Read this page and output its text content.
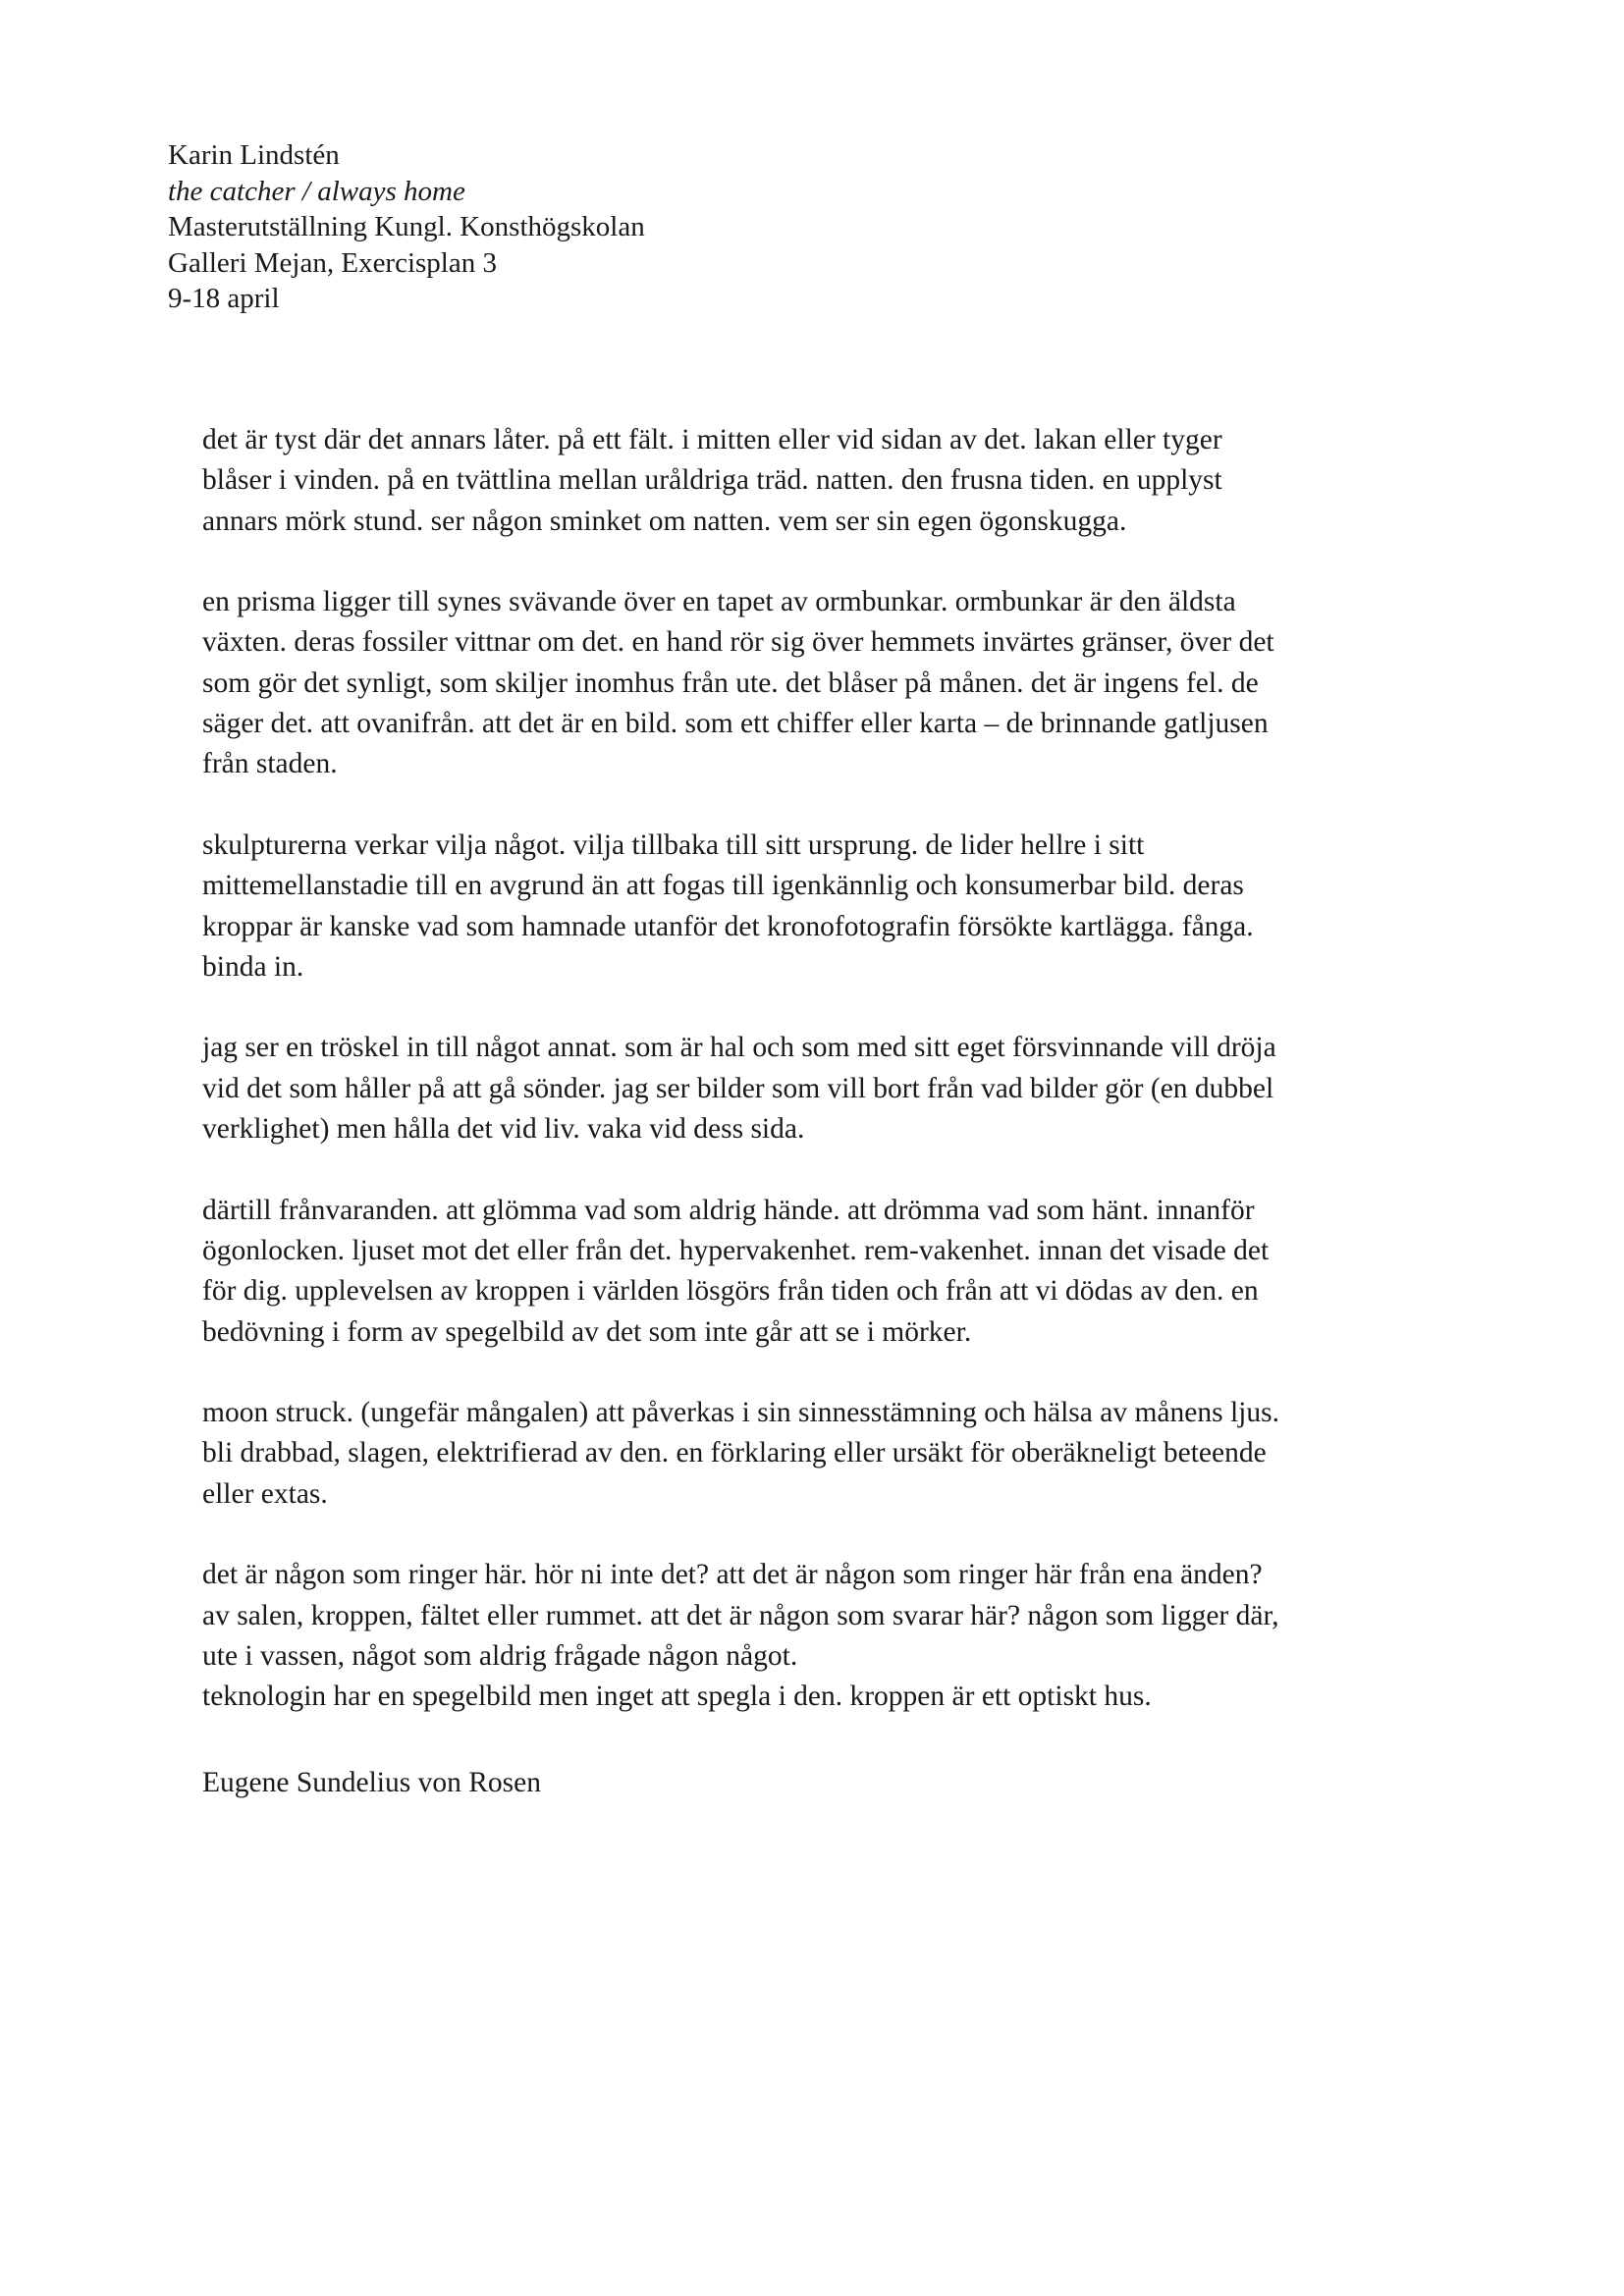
Karin Lindstén
the catcher / always home
Masterutställning Kungl. Konsthögskolan
Galleri Mejan, Exercisplan 3
9-18 april
det är tyst där det annars låter. på ett fält. i mitten eller vid sidan av det. lakan eller tyger
blåser i vinden. på en tvättlina mellan uråldriga träd. natten. den frusna tiden. en upplyst
annars mörk stund. ser någon sminket om natten. vem ser sin egen ögonskugga.
en prisma ligger till synes svävande över en tapet av ormbunkar. ormbunkar är den äldsta
växten. deras fossiler vittnar om det. en hand rör sig över hemmets invärtes gränser, över det
som gör det synligt, som skiljer inomhus från ute. det blåser på månen. det är ingens fel. de
säger det. att ovanifrån. att det är en bild. som ett chiffer eller karta – de brinnande gatljusen
från staden.
skulpturerna verkar vilja något. vilja tillbaka till sitt ursprung. de lider hellre i sitt
mittemellanstadie till en avgrund än att fogas till igenkännlig och konsumerbar bild. deras
kroppar är kanske vad som hamnade utanför det kronofotografin försökte kartlägga. fånga.
binda in.
jag ser en tröskel in till något annat. som är hal och som med sitt eget försvinnande vill dröja
vid det som håller på att gå sönder. jag ser bilder som vill bort från vad bilder gör (en dubbel
verklighet) men hålla det vid liv. vaka vid dess sida.
därtill frånvaranden. att glömma vad som aldrig hände. att drömma vad som hänt. innanför
ögonlocken. ljuset mot det eller från det. hypervakenhet. rem-vakenhet. innan det visade det
för dig. upplevelsen av kroppen i världen lösgörs från tiden och från att vi dödas av den. en
bedövning i form av spegelbild av det som inte går att se i mörker.
moon struck. (ungefär mångalen) att påverkas i sin sinnesstämning och hälsa av månens ljus.
bli drabbad, slagen, elektrifierad av den. en förklaring eller ursäkt för oberäkneligt beteende
eller extas.
det är någon som ringer här. hör ni inte det? att det är någon som ringer här från ena änden?
av salen, kroppen, fältet eller rummet. att det är någon som svarar här? någon som ligger där,
ute i vassen, något som aldrig frågade någon något.
teknologin har en spegelbild men inget att spegla i den. kroppen är ett optiskt hus.
Eugene Sundelius von Rosen
